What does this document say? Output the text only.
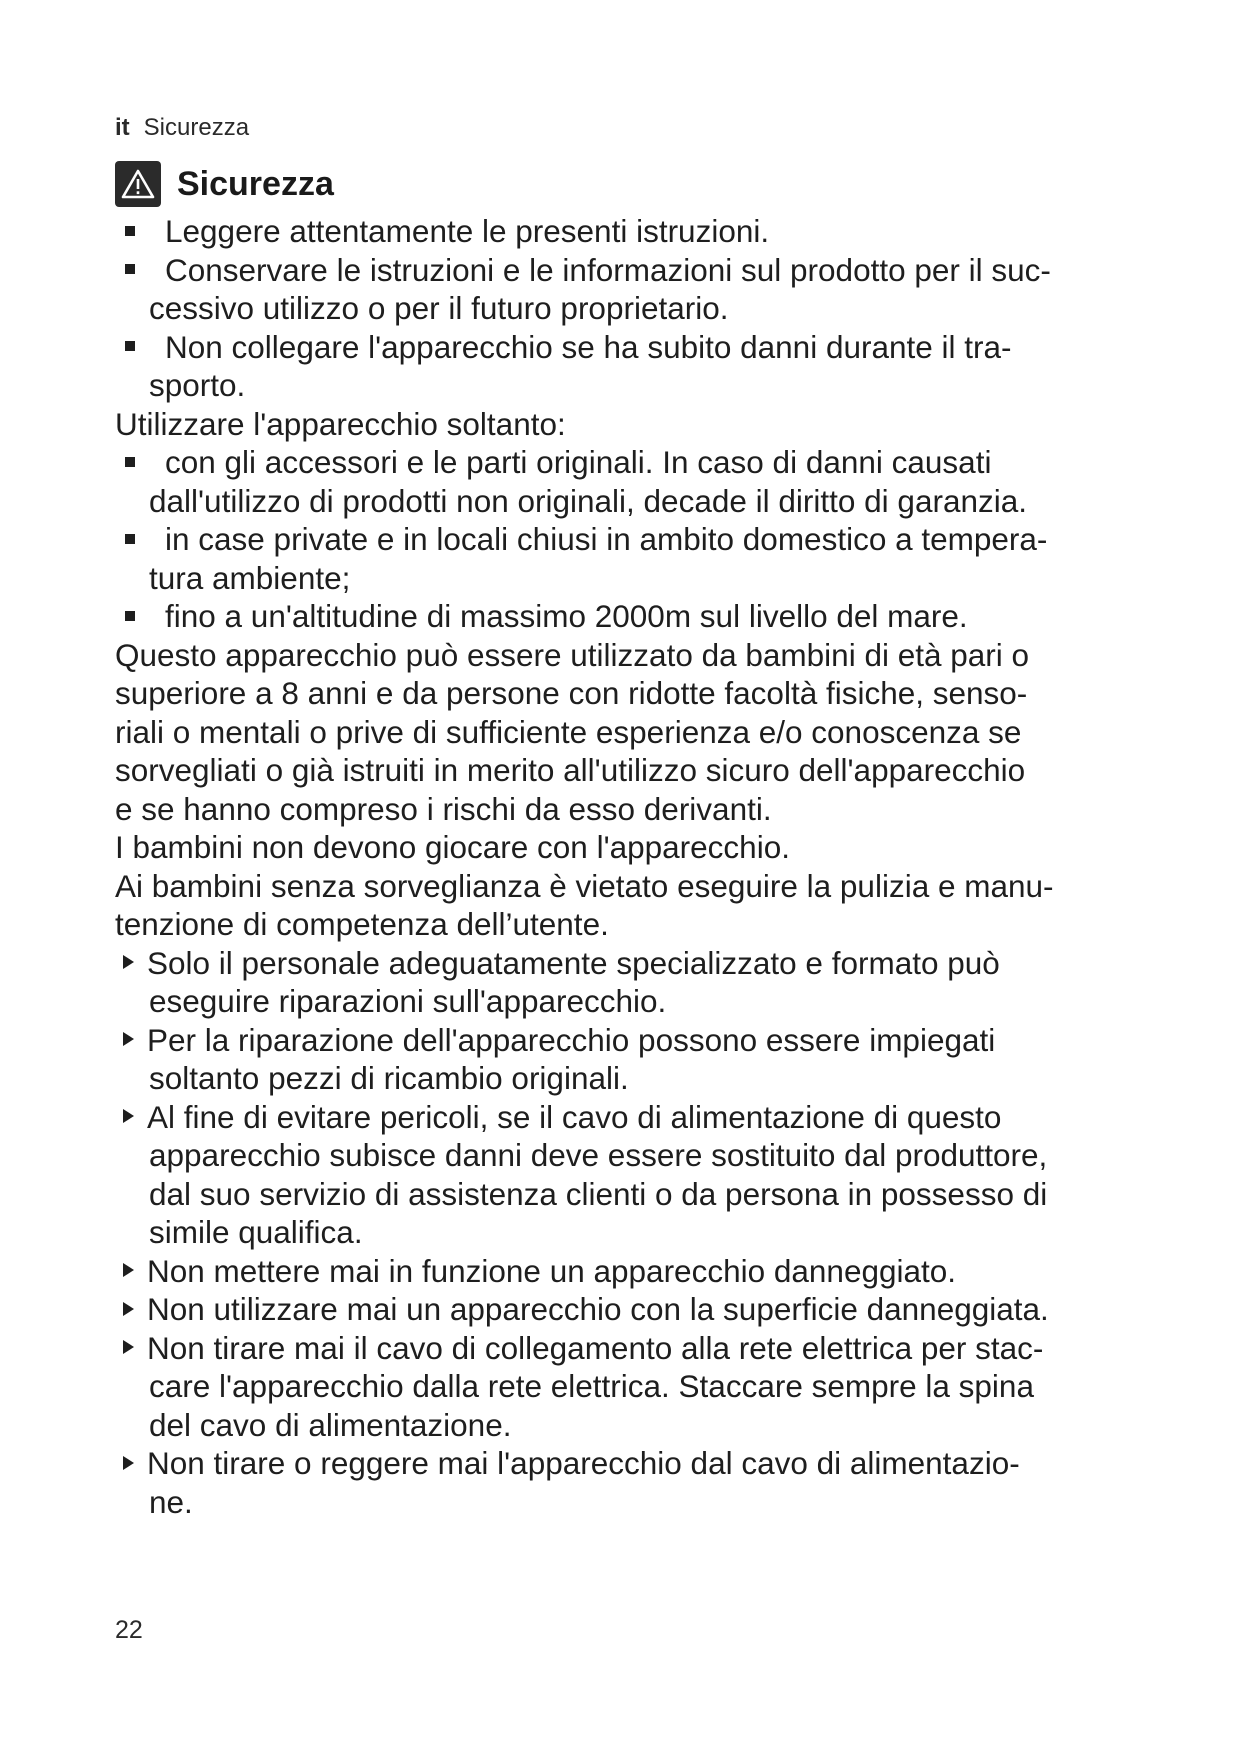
it Sicurezza
Sicurezza
Leggere attentamente le presenti istruzioni.
Conservare le istruzioni e le informazioni sul prodotto per il suc-
cessivo utilizzo o per il futuro proprietario.
Non collegare l'apparecchio se ha subito danni durante il tra-
sporto.
Utilizzare l'apparecchio soltanto:
con gli accessori e le parti originali. In caso di danni causati
dall'utilizzo di prodotti non originali, decade il diritto di garanzia.
in case private e in locali chiusi in ambito domestico a tempera-
tura ambiente;
fino a un'altitudine di massimo 2000m sul livello del mare.
Questo apparecchio può essere utilizzato da bambini di età pari o
superiore a 8 anni e da persone con ridotte facoltà fisiche, senso-
riali o mentali o prive di sufficiente esperienza e/o conoscenza se
sorvegliati o già istruiti in merito all'utilizzo sicuro dell'apparecchio
e se hanno compreso i rischi da esso derivanti.
I bambini non devono giocare con l'apparecchio.
Ai bambini senza sorveglianza è vietato eseguire la pulizia e manu-
tenzione di competenza dell’utente.
Solo il personale adeguatamente specializzato e formato può
eseguire riparazioni sull'apparecchio.
Per la riparazione dell'apparecchio possono essere impiegati
soltanto pezzi di ricambio originali.
Al fine di evitare pericoli, se il cavo di alimentazione di questo
apparecchio subisce danni deve essere sostituito dal produttore,
dal suo servizio di assistenza clienti o da persona in possesso di
simile qualifica.
Non mettere mai in funzione un apparecchio danneggiato.
Non utilizzare mai un apparecchio con la superficie danneggiata.
Non tirare mai il cavo di collegamento alla rete elettrica per stac-
care l'apparecchio dalla rete elettrica. Staccare sempre la spina
del cavo di alimentazione.
Non tirare o reggere mai l'apparecchio dal cavo di alimentazio-
ne.
22
